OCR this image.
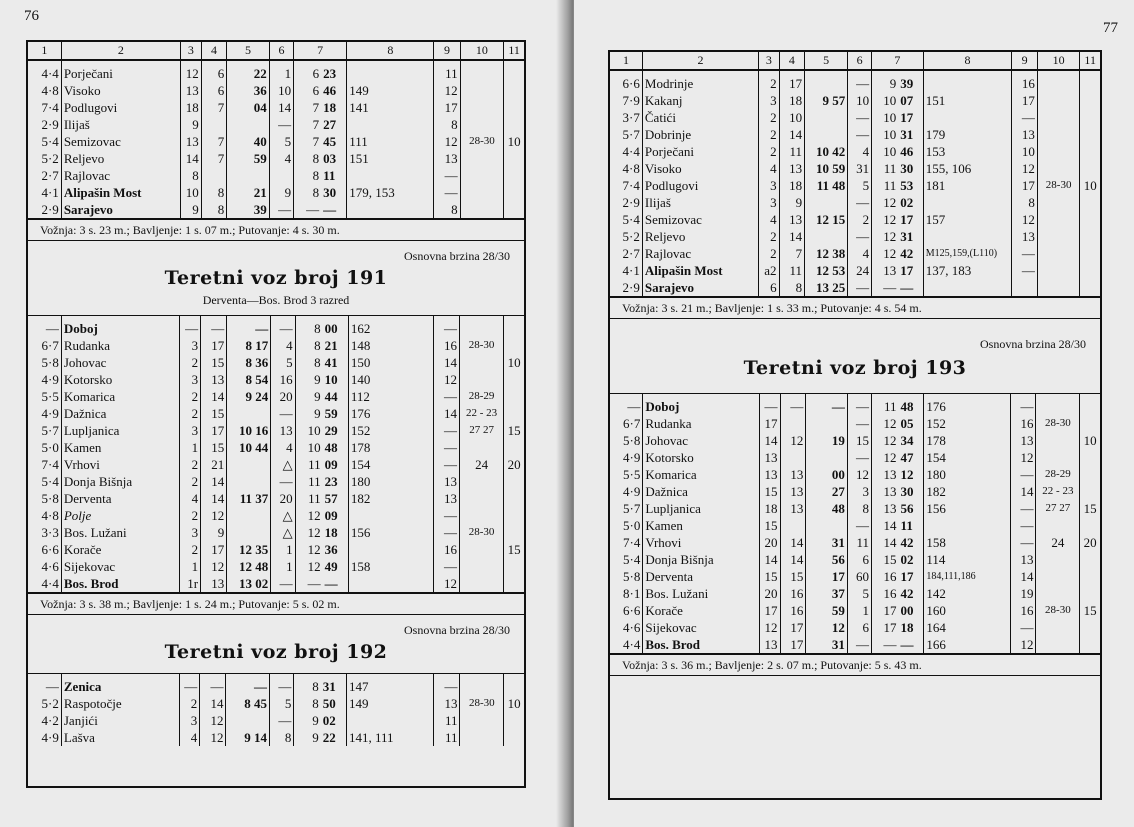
76
1	2	3	4	5	6	7		8	9	10	11
4·4	Porječani	12	6	22	1	6	23		11		
4·8	Visoko	13	6	36	10	6	46	149	12		
7·4	Podlugovi	18	7	04	14	7	18	141	17		
2·9	Ilijaš	9			—	7	27		8		
5·4	Semizovac	13	7	40	5	7	45	111	12	28-30	10
5·2	Reljevo	14	7	59	4	8	03	151	13		
2·7	Rajlovac	8				8	11		—		
4·1	Alipašin Most	10	8	21	9	8	30	179, 153	—		
2·9	Sarajevo	9	8	39	—	—	—		8		
Vožnja: 3 s. 23 m.; Bavljenje: 1 s. 07 m.; Putovanje: 4 s. 30 m.
Osnovna brzina 28/30
Teretni voz broj 191
Derventa—Bos. Brod 3 razred
—	Doboj	—	—	—	—	8	00	162	—		
6·7	Rudanka	3	17	8 17	4	8	21	148	16	28-30	
5·8	Johovac	2	15	8 36	5	8	41	150	14		10
4·9	Kotorsko	3	13	8 54	16	9	10	140	12		
5·5	Komarica	2	14	9 24	20	9	44	112	—	28-29	
4·9	Dažnica	2	15		—	9	59	176	14	22 - 23	
5·7	Lupljanica	3	17	10 16	13	10	29	152	—	27 27	15
5·0	Kamen	1	15	10 44	4	10	48	178	—		
7·4	Vrhovi	2	21		△	11	09	154	—	24	20
5·4	Donja Bišnja	2	14		—	11	23	180	13		
5·8	Derventa	4	14	11 37	20	11	57	182	13		
4·8	Polje	2	12		△	12	09		—		
3·3	Bos. Lužani	3	9		△	12	18	156	—	28-30	
6·6	Korače	2	17	12 35	1	12	36		16		15
4·6	Sijekovac	1	12	12 48	1	12	49	158	—		
4·4	Bos. Brod	1r	13	13 02	—	—	—		12		
Vožnja: 3 s. 38 m.; Bavljenje: 1 s. 24 m.; Putovanje: 5 s. 02 m.
Osnovna brzina 28/30
Teretni voz broj 192
—	Zenica	—	—	—	—	8	31	147	—		
5·2	Raspotočje	2	14	8 45	5	8	50	149	13	28-30	10
4·2	Janjići	3	12		—	9	02		11		
4·9	Lašva	4	12	9 14	8	9	22	141, 111	11		
77
1	2	3	4	5	6	7		8	9	10	11
6·6	Modrinje	2	17		—	9	39		16		
7·9	Kakanj	3	18	9 57	10	10	07	151	17		
3·7	Čatići	2	10		—	10	17		—		
5·7	Dobrinje	2	14		—	10	31	179	13		
4·4	Porječani	2	11	10 42	4	10	46	153	10		
4·8	Visoko	4	13	10 59	31	11	30	155, 106	12		
7·4	Podlugovi	3	18	11 48	5	11	53	181	17	28-30	10
2·9	Ilijaš	3	9		—	12	02		8		
5·4	Semizovac	4	13	12 15	2	12	17	157	12		
5·2	Reljevo	2	14		—	12	31		13		
2·7	Rajlovac	2	7	12 38	4	12	42	M125,159,(L110)	—		
4·1	Alipašin Most	a2	11	12 53	24	13	17	137, 183	—		
2·9	Sarajevo	6	8	13 25	—	—	—				
Vožnja: 3 s. 21 m.; Bavljenje: 1 s. 33 m.; Putovanje: 4 s. 54 m.
Osnovna brzina 28/30
Teretni voz broj 193
—	Doboj	—	—	—	—	11	48	176	—		
6·7	Rudanka	17			—	12	05	152	16	28-30	
5·8	Johovac	14	12	19	15	12	34	178	13		10
4·9	Kotorsko	13			—	12	47	154	12		
5·5	Komarica	13	13	00	12	13	12	180	—	28-29	
4·9	Dažnica	15	13	27	3	13	30	182	14	22 - 23	
5·7	Lupljanica	18	13	48	8	13	56	156	—	27 27	15
5·0	Kamen	15			—	14	11		—		
7·4	Vrhovi	20	14	31	11	14	42	158	—	24	20
5·4	Donja Bišnja	14	14	56	6	15	02	114	13		
5·8	Derventa	15	15	17	60	16	17	184,111,186	14		
8·1	Bos. Lužani	20	16	37	5	16	42	142	19		
6·6	Korače	17	16	59	1	17	00	160	16	28-30	15
4·6	Sijekovac	12	17	12	6	17	18	164	—		
4·4	Bos. Brod	13	17	31	—	—	—	166	12		
Vožnja: 3 s. 36 m.; Bavljenje: 2 s. 07 m.; Putovanje: 5 s. 43 m.
